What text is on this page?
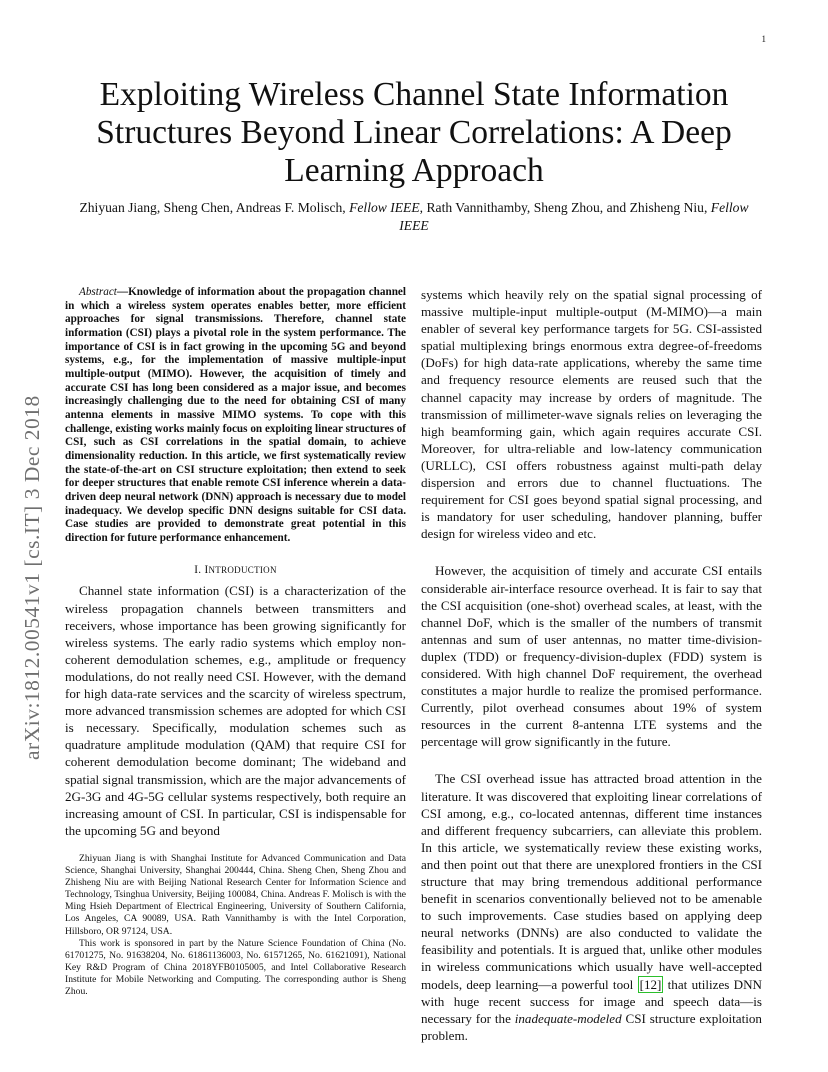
1
arXiv:1812.00541v1 [cs.IT] 3 Dec 2018
Exploiting Wireless Channel State Information Structures Beyond Linear Correlations: A Deep Learning Approach
Zhiyuan Jiang, Sheng Chen, Andreas F. Molisch, Fellow IEEE, Rath Vannithamby, Sheng Zhou, and Zhisheng Niu, Fellow IEEE

Abstract—Knowledge of information about the propagation channel in which a wireless system operates enables better, more efficient approaches for signal transmissions. Therefore, channel state information (CSI) plays a pivotal role in the system performance. The importance of CSI is in fact growing in the upcoming 5G and beyond systems, e.g., for the implementation of massive multiple-input multiple-output (MIMO). However, the acquisition of timely and accurate CSI has long been considered as a major issue, and becomes increasingly challenging due to the need for obtaining CSI of many antenna elements in massive MIMO systems. To cope with this challenge, existing works mainly focus on exploiting linear structures of CSI, such as CSI correlations in the spatial domain, to achieve dimensionality reduction. In this article, we first systematically review the state-of-the-art on CSI structure exploitation; then extend to seek for deeper structures that enable remote CSI inference wherein a data-driven deep neural network (DNN) approach is necessary due to model inadequacy. We develop specific DNN designs suitable for CSI data. Case studies are provided to demonstrate great potential in this direction for future performance enhancement.

I. INTRODUCTION

Channel state information (CSI) is a characterization of the wireless propagation channels between transmitters and receivers, whose importance has been growing significantly for wireless systems. The early radio systems which employ non-coherent demodulation schemes, e.g., amplitude or frequency modulations, do not really need CSI. However, with the demand for high data-rate services and the scarcity of wireless spectrum, more advanced transmission schemes are adopted for which CSI is necessary. Specifically, modulation schemes such as quadrature amplitude modulation (QAM) that require CSI for coherent demodulation become dominant; The wideband and spatial signal transmission, which are the major advancements of 2G-3G and 4G-5G cellular systems respectively, both require an increasing amount of CSI. In particular, CSI is indispensable for the upcoming 5G and beyond

Zhiyuan Jiang is with Shanghai Institute for Advanced Communication and Data Science, Shanghai University, Shanghai 200444, China. Sheng Chen, Sheng Zhou and Zhisheng Niu are with Beijing National Research Center for Information Science and Technology, Tsinghua University, Beijing 100084, China. Andreas F. Molisch is with the Ming Hsieh Department of Electrical Engineering, University of Southern California, Los Angeles, CA 90089, USA. Rath Vannithamby is with the Intel Corporation, Hillsboro, OR 97124, USA.

This work is sponsored in part by the Nature Science Foundation of China (No. 61701275, No. 91638204, No. 61861136003, No. 61571265, No. 61621091), National Key R&D Program of China 2018YFB0105005, and Intel Collaborative Research Institute for Mobile Networking and Computing. The corresponding author is Sheng Zhou.

systems which heavily rely on the spatial signal processing of massive multiple-input multiple-output (M-MIMO)—a main enabler of several key performance targets for 5G. CSI-assisted spatial multiplexing brings enormous extra degree-of-freedoms (DoFs) for high data-rate applications, whereby the same time and frequency resource elements are reused such that the channel capacity may increase by orders of magnitude. The transmission of millimeter-wave signals relies on leveraging the high beamforming gain, which again requires accurate CSI. Moreover, for ultra-reliable and low-latency communication (URLLC), CSI offers robustness against multi-path delay dispersion and errors due to channel fluctuations. The requirement for CSI goes beyond spatial signal processing, and is mandatory for user scheduling, handover planning, buffer design for wireless video and etc.

However, the acquisition of timely and accurate CSI entails considerable air-interface resource overhead. It is fair to say that the CSI acquisition (one-shot) overhead scales, at least, with the channel DoF, which is the smaller of the numbers of transmit antennas and sum of user antennas, no matter time-division-duplex (TDD) or frequency-division-duplex (FDD) system is considered. With high channel DoF requirement, the overhead constitutes a major hurdle to realize the promised performance. Currently, pilot overhead consumes about 19% of system resources in the current 8-antenna LTE systems and the percentage will grow significantly in the future.

The CSI overhead issue has attracted broad attention in the literature. It was discovered that exploiting linear correlations of CSI among, e.g., co-located antennas, different time instances and different frequency subcarriers, can alleviate this problem. In this article, we systematically review these existing works, and then point out that there are unexplored frontiers in the CSI structure that may bring tremendous additional performance benefit in scenarios conventionally believed not to be amenable to such improvements. Case studies based on applying deep neural networks (DNNs) are also conducted to validate the feasibility and potentials. It is argued that, unlike other modules in wireless communications which usually have well-accepted models, deep learning—a powerful tool [12] that utilizes DNN with huge recent success for image and speech data—is necessary for the inadequate-modeled CSI structure exploitation problem.
